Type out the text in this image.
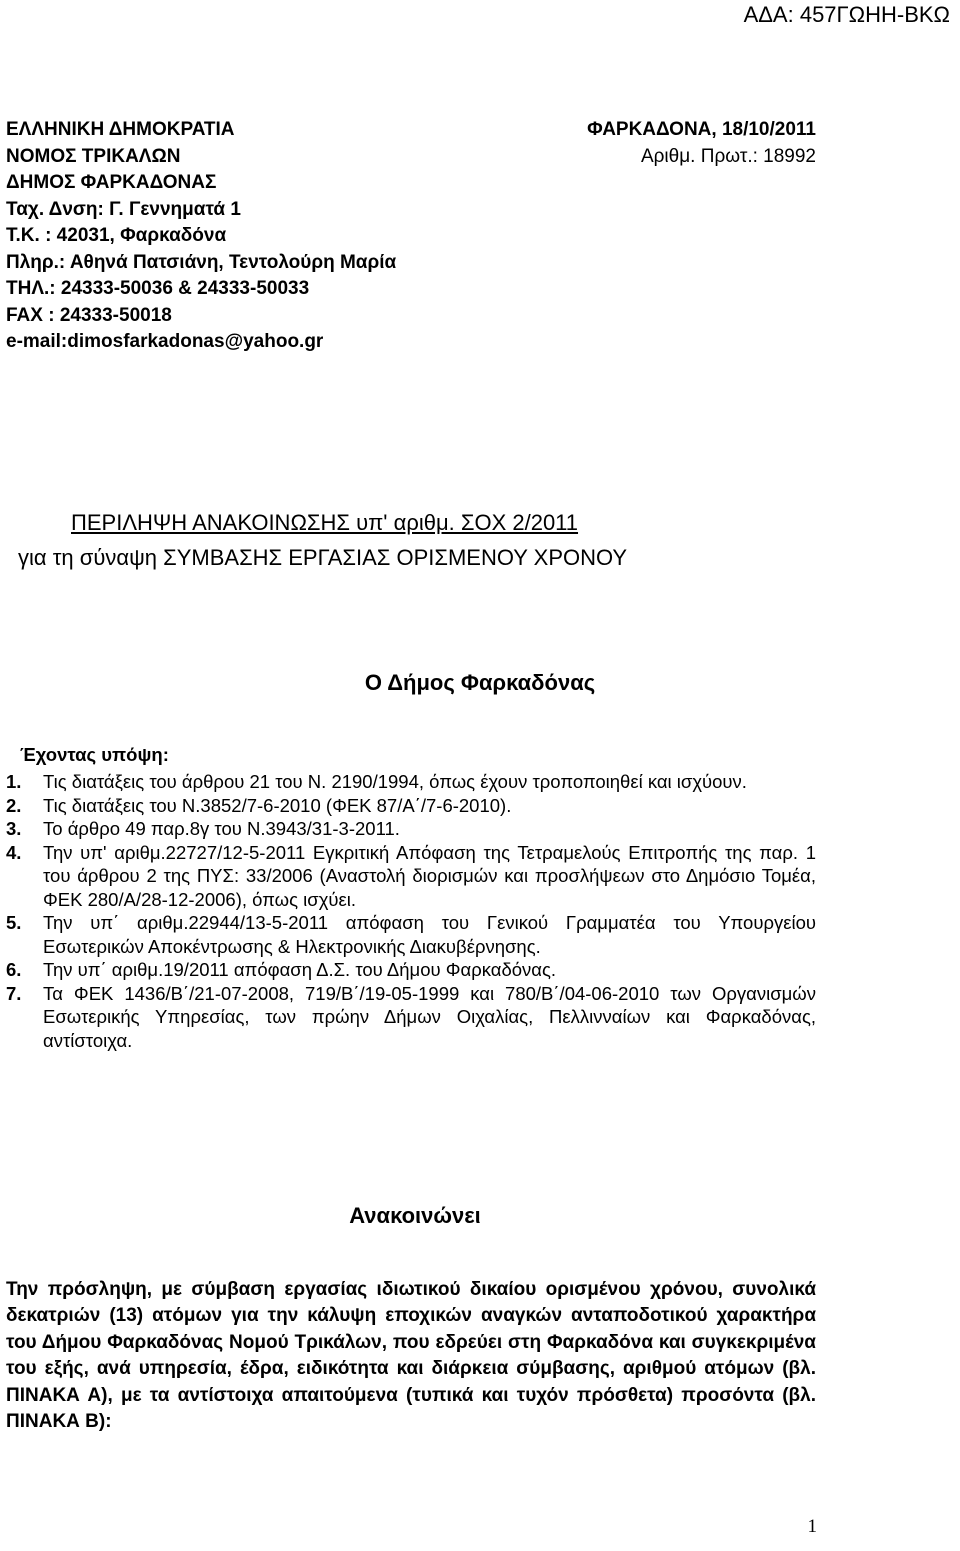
ΑΔΑ: 457ΓΩΗΗ-ΒΚΩ
ΕΛΛΗΝΙΚΗ ΔΗΜΟΚΡΑΤΙΑ	ΦΑΡΚΑΔΟΝΑ, 18/10/2011
ΝΟΜΟΣ ΤΡΙΚΑΛΩΝ	Αριθμ. Πρωτ.: 18992
ΔΗΜΟΣ ΦΑΡΚΑΔΟΝΑΣ
Ταχ. Δνση: Γ. Γεννηματά 1
Τ.Κ. : 42031, Φαρκαδόνα
Πληρ.: Αθηνά Πατσιάνη, Τεντολούρη Μαρία
ΤΗΛ.: 24333-50036 & 24333-50033
FAX : 24333-50018
e-mail:dimosfarkadonas@yahoo.gr
ΠΕΡΙΛΗΨΗ ΑΝΑΚΟΙΝΩΣΗΣ υπ' αριθμ. ΣΟΧ 2/2011
για τη σύναψη ΣΥΜΒΑΣΗΣ ΕΡΓΑΣΙΑΣ ΟΡΙΣΜΕΝΟΥ ΧΡΟΝΟΥ
Ο Δήμος Φαρκαδόνας
Έχοντας υπόψη:
1.	Τις διατάξεις του άρθρου 21 του Ν. 2190/1994, όπως έχουν τροποποιηθεί και ισχύουν.
2.	Τις διατάξεις του Ν.3852/7-6-2010 (ΦΕΚ 87/Α΄/7-6-2010).
3.	Το άρθρο 49 παρ.8γ του Ν.3943/31-3-2011.
4.	Την υπ' αριθμ.22727/12-5-2011 Εγκριτική Απόφαση της Τετραμελούς Επιτροπής της παρ. 1 του άρθρου 2 της ΠΥΣ: 33/2006 (Αναστολή διορισμών και προσλήψεων στο Δημόσιο Τομέα, ΦΕΚ 280/Α/28-12-2006), όπως ισχύει.
5.	Την υπ΄ αριθμ.22944/13-5-2011 απόφαση του Γενικού Γραμματέα του Υπουργείου Εσωτερικών Αποκέντρωσης & Ηλεκτρονικής Διακυβέρνησης.
6.	Την υπ΄ αριθμ.19/2011 απόφαση Δ.Σ. του Δήμου Φαρκαδόνας.
7.	Τα ΦΕΚ 1436/Β΄/21-07-2008, 719/Β΄/19-05-1999 και 780/Β΄/04-06-2010 των Οργανισμών Εσωτερικής Υπηρεσίας, των πρώην Δήμων Οιχαλίας, Πελλινναίων και Φαρκαδόνας, αντίστοιχα.
Ανακοινώνει
Την πρόσληψη, με σύμβαση εργασίας ιδιωτικού δικαίου ορισμένου χρόνου, συνολικά δεκατριών (13) ατόμων για την κάλυψη εποχικών αναγκών ανταποδοτικού χαρακτήρα του Δήμου Φαρκαδόνας Νομού Τρικάλων, που εδρεύει στη Φαρκαδόνα και συγκεκριμένα του εξής, ανά υπηρεσία, έδρα, ειδικότητα και διάρκεια σύμβασης, αριθμού ατόμων (βλ. ΠΙΝΑΚΑ Α), με τα αντίστοιχα απαιτούμενα (τυπικά και τυχόν πρόσθετα) προσόντα (βλ. ΠΙΝΑΚΑ Β):
1
